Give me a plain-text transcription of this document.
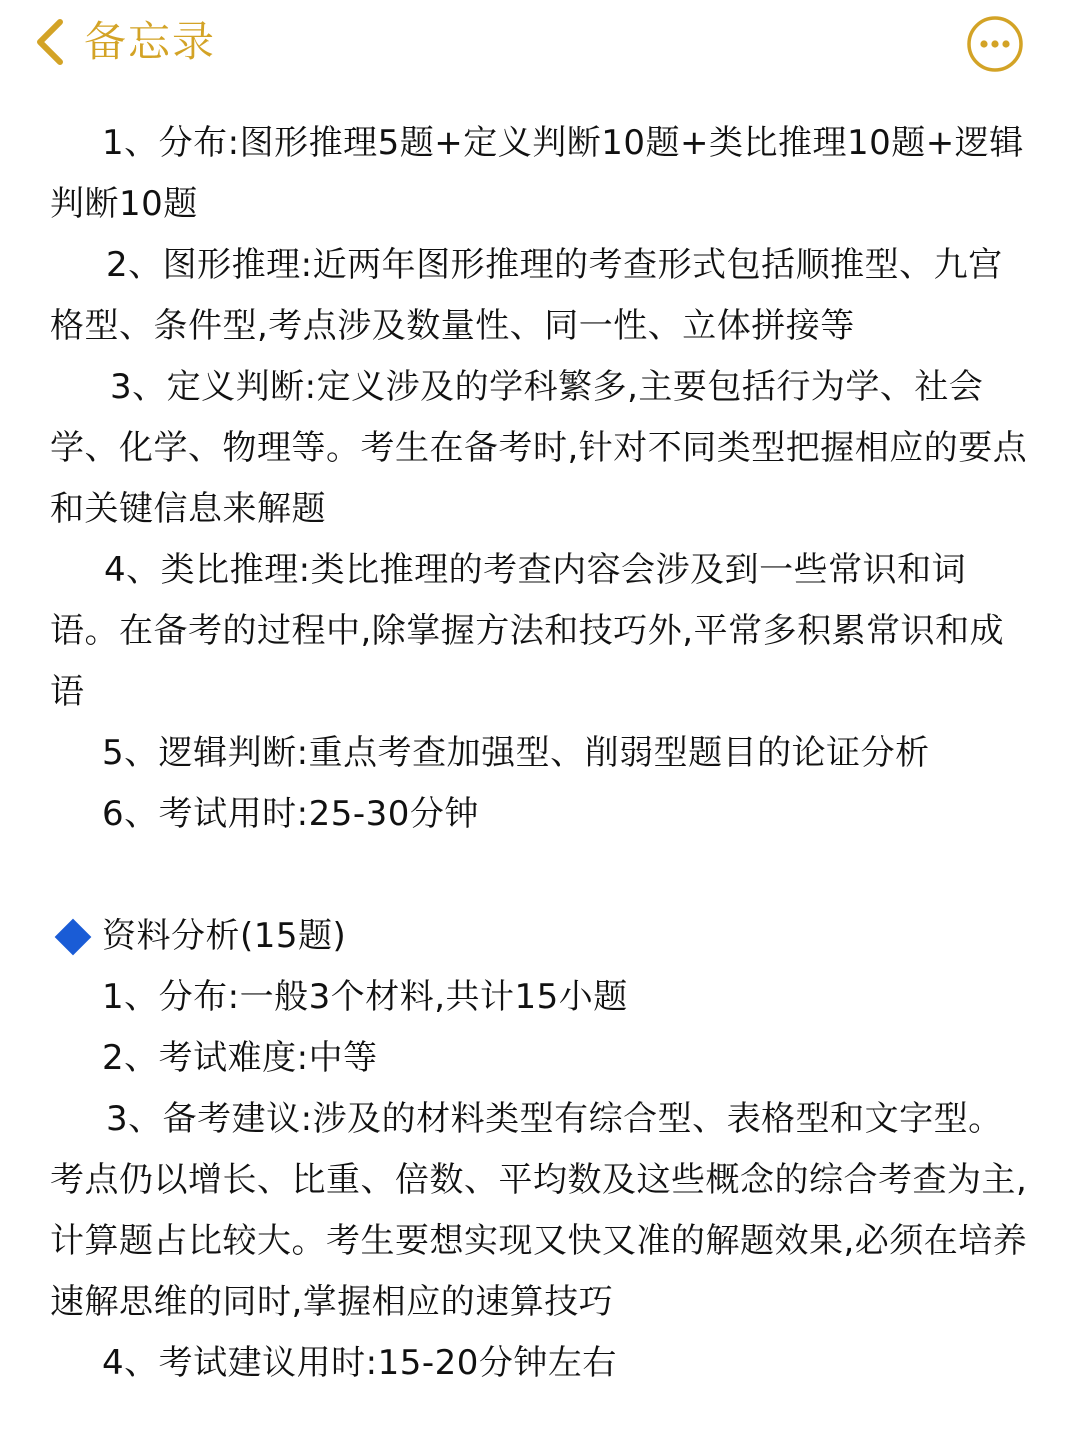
备忘录

1、分布:图形推理5题+定义判断10题+类比推理10题+逻辑判断10题

2、图形推理:近两年图形推理的考查形式包括顺推型、九宫格型、条件型,考点涉及数量性、同一性、立体拼接等

3、定义判断:定义涉及的学科繁多,主要包括行为学、社会学、化学、物理等。考生在备考时,针对不同类型把握相应的要点和关键信息来解题

4、类比推理:类比推理的考查内容会涉及到一些常识和词语。在备考的过程中,除掌握方法和技巧外,平常多积累常识和成语

5、逻辑判断:重点考查加强型、削弱型题目的论证分析

6、考试用时:25-30分钟

资料分析(15题)

1、分布:一般3个材料,共计15小题

2、考试难度:中等

3、备考建议:涉及的材料类型有综合型、表格型和文字型。考点仍以增长、比重、倍数、平均数及这些概念的综合考查为主,计算题占比较大。考生要想实现又快又准的解题效果,必须在培养速解思维的同时,掌握相应的速算技巧

4、考试建议用时:15-20分钟左右
